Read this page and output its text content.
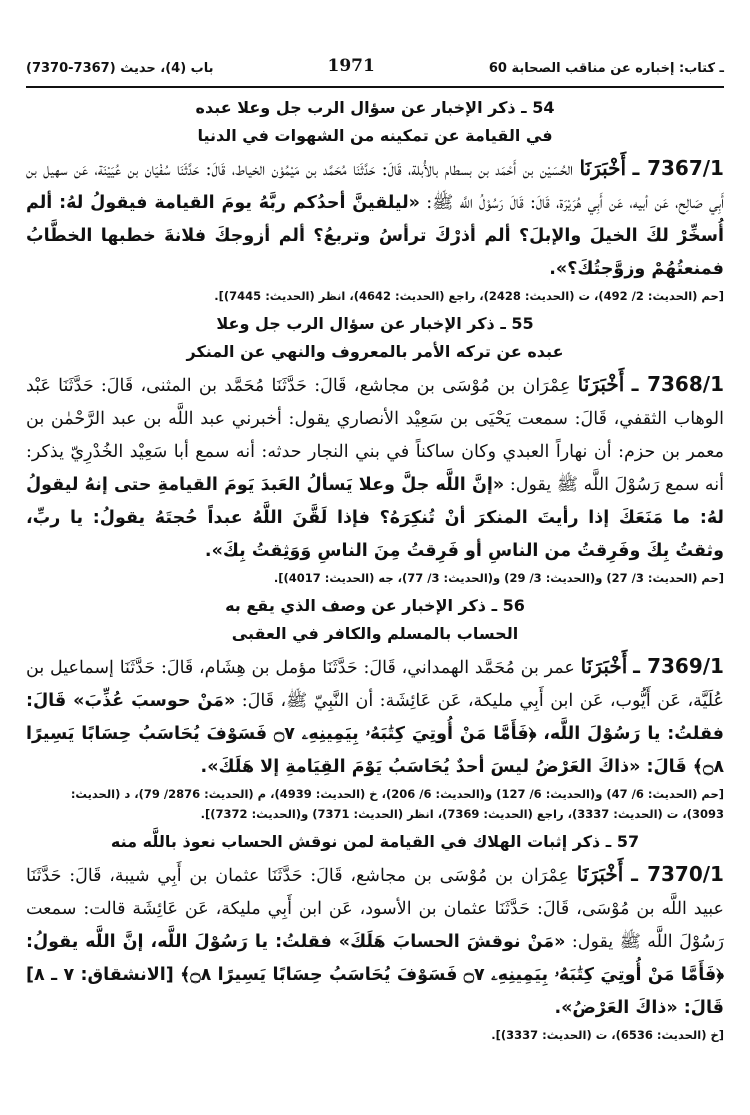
باب (4)، حديث (7367-7370)	1971	60 ـ كتاب: إخباره عن مناقب الصحابة
54 ـ ذكر الإخبار عن سؤال الرب جل وعلا عبده
في القيامة عن تمكينه من الشهوات في الدنيا

7367/1 ـ أَخْبَرَنَا الحُسَيْن بن أَحْمَد بن بسطام بالأُبلة، قَالَ: حَدَّثَنَا مُحَمَّد بن مَيْمُوْن الخياط، قَالَ: حَدَّثَنَا سُفْيَان بن عُيَيْنَة، عَن سهيل بن أَبِي صَالِح، عَن أبيه، عَن أَبِي هُرَيْرَة، قَالَ: قَالَ رَسُوْلُ اللَّه ﷺ: «ليلقينَّ أحدُكم ربَّهُ يومَ القيامة فيقولُ لهُ: ألم أُسخِّرْ لكَ الخيلَ والإبلَ؟ ألم أذرْكَ ترأسُ وتربعُ؟ ألم أزوجكَ فلانةَ خطبها الخطَّابُ فمنعتُهُمْ وزوَّجتُكَ؟».

[حم (الحديث: 2/ 492)، ت (الحديث: 2428)، راجع (الحديث: 4642)، انظر (الحديث: 7445)].

55 ـ ذكر الإخبار عن سؤال الرب جل وعلا
عبده عن تركه الأمر بالمعروف والنهي عن المنكر

7368/1 ـ أَخْبَرَنَا عِمْرَان بن مُوْسَى بن مجاشع، قَالَ: حَدَّثَنَا مُحَمَّد بن المثنى، قَالَ: حَدَّثَنَا عَبْد الوهاب الثقفي، قَالَ: سمعت يَحْيَى بن سَعِيْد الأنصاري يقول: أخبرني عبد اللَّه بن عبد الرَّحْمٰن بن معمر بن حزم: أن نهاراً العبدي وكان ساكناً في بني النجار حدثه: أنه سمع أبا سَعِيْد الخُدْرِيّ يذكر: أنه سمع رَسُوْلَ اللَّه ﷺ يقول: «إنَّ اللَّه جلَّ وعلا يَسألُ العَبدَ يَومَ القيامةِ حتى إنهُ ليقولُ لهُ: ما مَنَعَكَ إذا رأيتَ المنكرَ أنْ تُنكِرَهُ؟ فإذا لَقَّنَ اللَّهُ عبداً حُجتَهُ يقولُ: يا ربِّ، وثقتُ بِكَ وفَرِقتُ من الناسِ أو فَرِقتُ مِنَ الناسِ وَوَثِقتُ بِكَ».

[حم (الحديث: 3/ 27) و(الحديث: 3/ 29) و(الحديث: 3/ 77)، جه (الحديث: 4017)].

56 ـ ذكر الإخبار عن وصف الذي يقع به
الحساب بالمسلم والكافر في العقبى

7369/1 ـ أَخْبَرَنَا عمر بن مُحَمَّد الهمداني، قَالَ: حَدَّثَنَا مؤمل بن هِشَام، قَالَ: حَدَّثَنَا إسماعيل بن عُلَيَّة، عَن أَيُّوب، عَن ابن أَبِي مليكة، عَن عَائِشَة: أن النَّبِيّ ﷺ، قَالَ: «مَنْ حوسبَ عُذِّبَ» قَالَ: فقلتُ: يا رَسُوْلَ اللَّه، ﴿فَأَمَّا مَنْ أُوتِيَ كِتَٰبَهُۥ بِيَمِينِهِۦ ۝٧ فَسَوْفَ يُحَاسَبُ حِسَابًا يَسِيرًا ۝٨﴾ قَالَ: «ذاكَ العَرْضُ ليسَ أحدٌ يُحَاسَبُ يَوْمَ القِيَامةِ إلا هَلَكَ».

[حم (الحديث: 6/ 47) و(الحديث: 6/ 127) و(الحديث: 6/ 206)، خ (الحديث: 4939)، م (الحديث: 2876/ 79)، د (الحديث: 3093)، ت (الحديث: 3337)، راجع (الحديث: 7369)، انظر (الحديث: 7371) و(الحديث: 7372)].

57 ـ ذكر إثبات الهلاك في القيامة لمن نوقش الحساب نعوذ باللَّه منه

7370/1 ـ أَخْبَرَنَا عِمْرَان بن مُوْسَى بن مجاشع، قَالَ: حَدَّثَنَا عثمان بن أَبِي شيبة، قَالَ: حَدَّثَنَا عبيد اللَّه بن مُوْسَى، قَالَ: حَدَّثَنَا عثمان بن الأسود، عَن ابن أَبِي مليكة، عَن عَائِشَة قالت: سمعت رَسُوْلَ اللَّه ﷺ يقول: «مَنْ نوقشَ الحسابَ هَلَكَ» فقلتُ: يا رَسُوْلَ اللَّه، إنَّ اللَّه يقولُ: ﴿فَأَمَّا مَنْ أُوتِيَ كِتَٰبَهُۥ بِيَمِينِهِۦ ۝٧ فَسَوْفَ يُحَاسَبُ حِسَابًا يَسِيرًا ۝٨﴾ [الانشقاق: ٧ ـ ٨] قَالَ: «ذاكَ العَرْضُ».

[خ (الحديث: 6536)، ت (الحديث: 3337)].
